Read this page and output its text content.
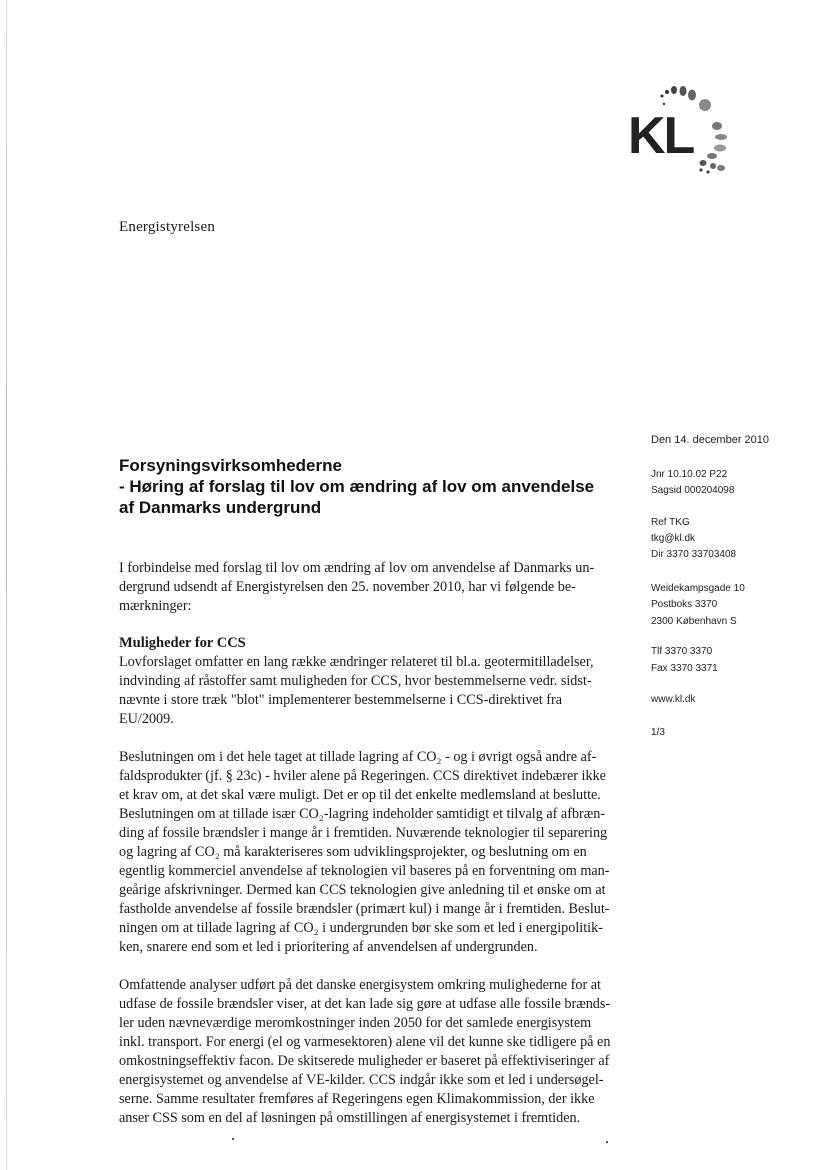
KL
Energistyrelsen
Den 14. december 2010
Jnr 10.10.02 P22
Sagsid 000204098
Ref TKG
tkg@kl.dk
Dir 3370 33703408
Weidekampsgade 10
Postboks 3370
2300 København S
Tlf 3370 3370
Fax 3370 3371
www.kl.dk
1/3
Forsyningsvirksomhederne
- Høring af forslag til lov om ændring af lov om anvendelse
af Danmarks undergrund

I forbindelse med forslag til lov om ændring af lov om anvendelse af Danmarks un-
dergrund udsendt af Energistyrelsen den 25. november 2010, har vi følgende be-
mærkninger:

Muligheder for CCS
Lovforslaget omfatter en lang række ændringer relateret til bl.a. geotermitilladelser,
indvinding af råstoffer samt muligheden for CCS, hvor bestemmelserne vedr. sidst-
nævnte i store træk "blot" implementerer bestemmelserne i CCS-direktivet fra
EU/2009.

Beslutningen om i det hele taget at tillade lagring af CO₂ - og i øvrigt også andre af-
faldsprodukter (jf. § 23c) - hviler alene på Regeringen. CCS direktivet indebærer ikke
et krav om, at det skal være muligt. Det er op til det enkelte medlemsland at beslutte.
Beslutningen om at tillade især CO₂-lagring indeholder samtidigt et tilvalg af afbræn-
ding af fossile brændsler i mange år i fremtiden. Nuværende teknologier til separering
og lagring af CO₂ må karakteriseres som udviklingsprojekter, og beslutning om en
egentlig kommerciel anvendelse af teknologien vil baseres på en forventning om man-
geårige afskrivninger. Dermed kan CCS teknologien give anledning til et ønske om at
fastholde anvendelse af fossile brændsler (primært kul) i mange år i fremtiden. Beslut-
ningen om at tillade lagring af CO₂ i undergrunden bør ske som et led i energipolitik-
ken, snarere end som et led i prioritering af anvendelsen af undergrunden.

Omfattende analyser udført på det danske energisystem omkring mulighederne for at
udfase de fossile brændsler viser, at det kan lade sig gøre at udfase alle fossile brænds-
ler uden nævneværdige meromkostninger inden 2050 for det samlede energisystem
inkl. transport. For energi (el og varmesektoren) alene vil det kunne ske tidligere på en
omkostningseffektiv facon. De skitserede muligheder er baseret på effektiviseringer af
energisystemet og anvendelse af VE-kilder. CCS indgår ikke som et led i undersøgel-
serne. Samme resultater fremføres af Regeringens egen Klimakommission, der ikke
anser CSS som en del af løsningen på omstillingen af energisystemet i fremtiden.
